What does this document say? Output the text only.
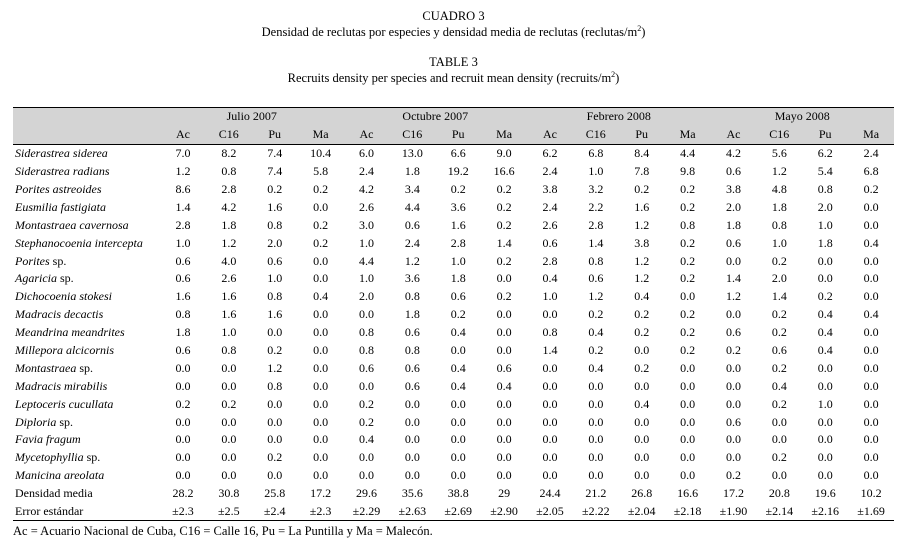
CUADRO 3
Densidad de reclutas por especies y densidad media de reclutas $(reclutas/m^2)$
TABLE 3
Recruits density per species and recruit mean density $(recruits/m^2)$
	Julio 2007				Octubre 2007				Febrero 2008				Mayo 2008			
	Ac	C16	Pu	Ma	Ac	C16	Pu	Ma	Ac	C16	Pu	Ma	Ac	C16	Pu	Ma
Siderastrea siderea	7.0	8.2	7.4	10.4	6.0	13.0	6.6	9.0	6.2	6.8	8.4	4.4	4.2	5.6	6.2	2.4
Siderastrea radians	1.2	0.8	7.4	5.8	2.4	1.8	19.2	16.6	2.4	1.0	7.8	9.8	0.6	1.2	5.4	6.8
Porites astreoides	8.6	2.8	0.2	0.2	4.2	3.4	0.2	0.2	3.8	3.2	0.2	0.2	3.8	4.8	0.8	0.2
Eusmilia fastigiata	1.4	4.2	1.6	0.0	2.6	4.4	3.6	0.2	2.4	2.2	1.6	0.2	2.0	1.8	2.0	0.0
Montastraea cavernosa	2.8	1.8	0.8	0.2	3.0	0.6	1.6	0.2	2.6	2.8	1.2	0.8	1.8	0.8	1.0	0.0
Stephanocoenia intercepta	1.0	1.2	2.0	0.2	1.0	2.4	2.8	1.4	0.6	1.4	3.8	0.2	0.6	1.0	1.8	0.4
Porites sp.	0.6	4.0	0.6	0.0	4.4	1.2	1.0	0.2	2.8	0.8	1.2	0.2	0.0	0.2	0.0	0.0
Agaricia sp.	0.6	2.6	1.0	0.0	1.0	3.6	1.8	0.0	0.4	0.6	1.2	0.2	1.4	2.0	0.0	0.0
Dichocoenia stokesi	1.6	1.6	0.8	0.4	2.0	0.8	0.6	0.2	1.0	1.2	0.4	0.0	1.2	1.4	0.2	0.0
Madracis decactis	0.8	1.6	1.6	0.0	0.0	1.8	0.2	0.0	0.0	0.2	0.2	0.2	0.0	0.2	0.4	0.4
Meandrina meandrites	1.8	1.0	0.0	0.0	0.8	0.6	0.4	0.0	0.8	0.4	0.2	0.2	0.6	0.2	0.4	0.0
Millepora alcicornis	0.6	0.8	0.2	0.0	0.8	0.8	0.0	0.0	1.4	0.2	0.0	0.2	0.2	0.6	0.4	0.0
Montastraea sp.	0.0	0.0	1.2	0.0	0.6	0.6	0.4	0.6	0.0	0.4	0.2	0.0	0.0	0.2	0.0	0.0
Madracis mirabilis	0.0	0.0	0.8	0.0	0.0	0.6	0.4	0.4	0.0	0.0	0.0	0.0	0.0	0.4	0.0	0.0
Leptoceris cucullata	0.2	0.2	0.0	0.0	0.2	0.0	0.0	0.0	0.0	0.0	0.4	0.0	0.0	0.2	1.0	0.0
Diploria sp.	0.0	0.0	0.0	0.0	0.2	0.0	0.0	0.0	0.0	0.0	0.0	0.0	0.6	0.0	0.0	0.0
Favia fragum	0.0	0.0	0.0	0.0	0.4	0.0	0.0	0.0	0.0	0.0	0.0	0.0	0.0	0.0	0.0	0.0
Mycetophyllia sp.	0.0	0.0	0.2	0.0	0.0	0.0	0.0	0.0	0.0	0.0	0.0	0.0	0.0	0.2	0.0	0.0
Manicina areolata	0.0	0.0	0.0	0.0	0.0	0.0	0.0	0.0	0.0	0.0	0.0	0.0	0.2	0.0	0.0	0.0
Densidad media	28.2	30.8	25.8	17.2	29.6	35.6	38.8	29	24.4	21.2	26.8	16.6	17.2	20.8	19.6	10.2
Error estándar	±2.3	±2.5	±2.4	±2.3	±2.29	±2.63	±2.69	±2.90	±2.05	±2.22	±2.04	±2.18	±1.90	±2.14	±2.16	±1.69
Ac = Acuario Nacional de Cuba, C16 = Calle 16, Pu = La Puntilla y Ma = Malecón.
